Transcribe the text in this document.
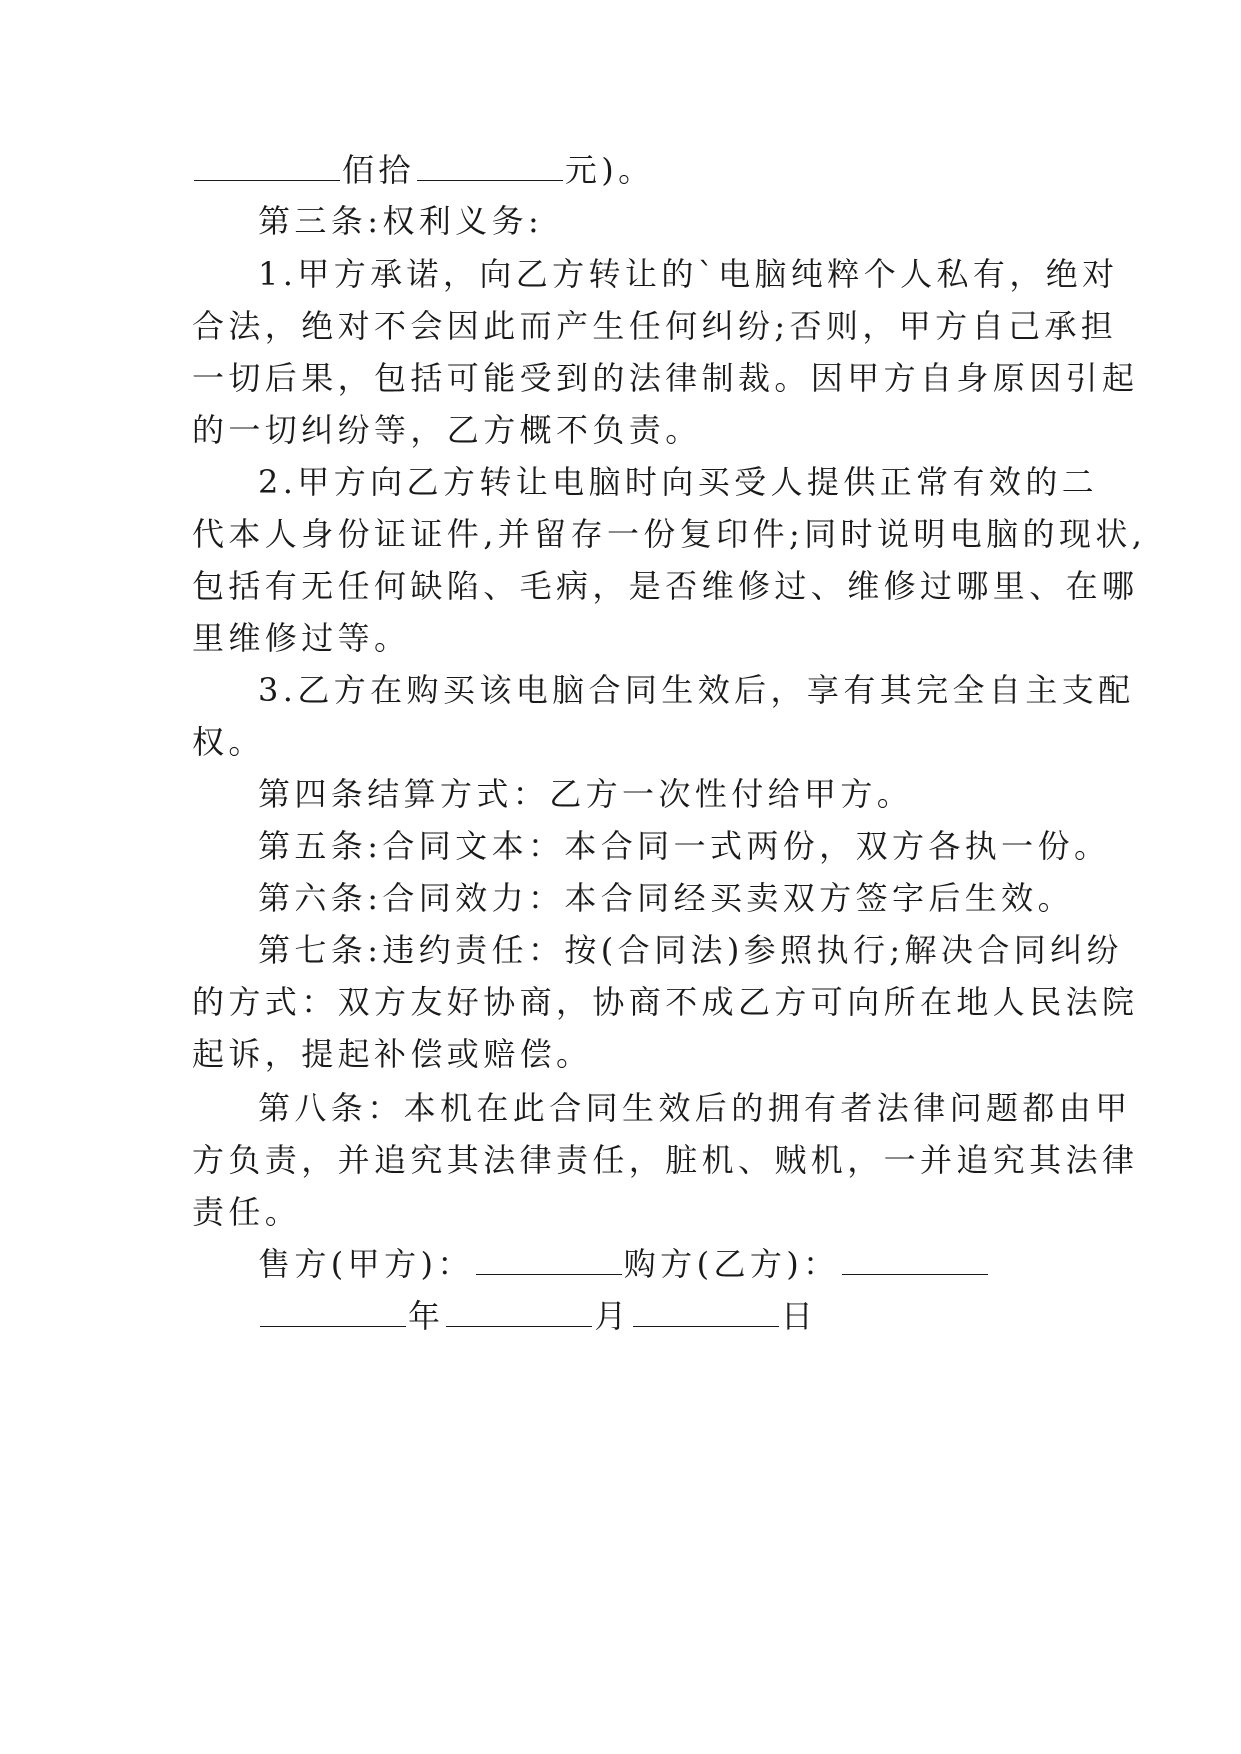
佰拾	元)。
第三条:权利义务:
1.甲方承诺，向乙方转让的`电脑纯粹个人私有，绝对
合法，绝对不会因此而产生任何纠纷;否则，甲方自己承担
一切后果，包括可能受到的法律制裁。因甲方自身原因引起
的一切纠纷等，乙方概不负责。
2.甲方向乙方转让电脑时向买受人提供正常有效的二
代本人身份证证件,并留存一份复印件;同时说明电脑的现状,
包括有无任何缺陷、毛病，是否维修过、维修过哪里、在哪
里维修过等。
3.乙方在购买该电脑合同生效后，享有其完全自主支配
权。
第四条结算方式：乙方一次性付给甲方。
第五条:合同文本：本合同一式两份，双方各执一份。
第六条:合同效力：本合同经买卖双方签字后生效。
第七条:违约责任：按(合同法)参照执行;解决合同纠纷
的方式：双方友好协商，协商不成乙方可向所在地人民法院
起诉，提起补偿或赔偿。
第八条：本机在此合同生效后的拥有者法律问题都由甲
方负责，并追究其法律责任，脏机、贼机，一并追究其法律
责任。
售方(甲方)：	购方(乙方)：
年	月	日
